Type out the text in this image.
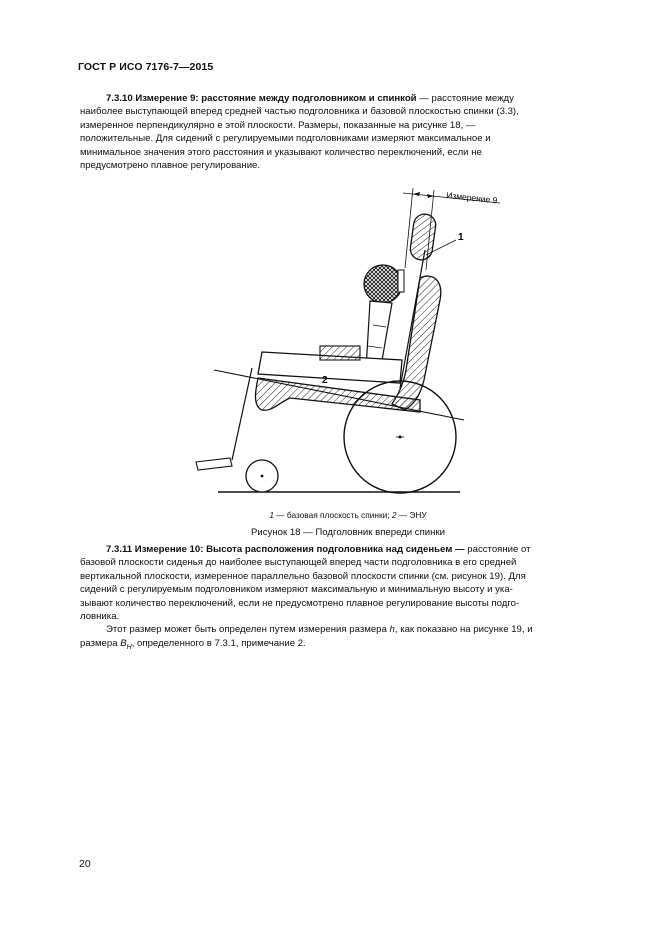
ГОСТ Р ИСО 7176-7—2015
7.3.10 Измерение 9: расстояние между подголовником и спинкой — расстояние между
наиболее выступающей вперед средней частью подголовника и базовой плоскостью спинки (3.3),
измеренное перпендикулярно е этой плоскости. Размеры, показанные на рисунке 18, —
положительные. Для сидений с регулируемыми подголовниками измеряют максимальное и
минимальное значения этого расстояния и указывают количество переключений, если не
предусмотрено плавное регулирование.
Измерение 9
1
2
1 — базовая плоскость спинки; 2 — ЭНУ
Рисунок 18 — Подголовник впереди спинки
7.3.11 Измерение 10: Высота расположения подголовника над сиденьем — расстояние от
базовой плоскости сиденья до наиболее выступающей вперед части подголовника в его средней
вертикальной плоскости, измеренное параллельно базовой плоскости спинки (см. рисунок 19). Для
сидений с регулируемым подголовником измеряют максимальную и минимальную высоту и ука-
зывают количество переключений, если не предусмотрено плавное регулирование высоты подго-
ловника.
Этот размер может быть определен путем измерения размера h, как показано на рисунке 19, и
размера $B_H$, определенного в 7.3.1, примечание 2.
20
